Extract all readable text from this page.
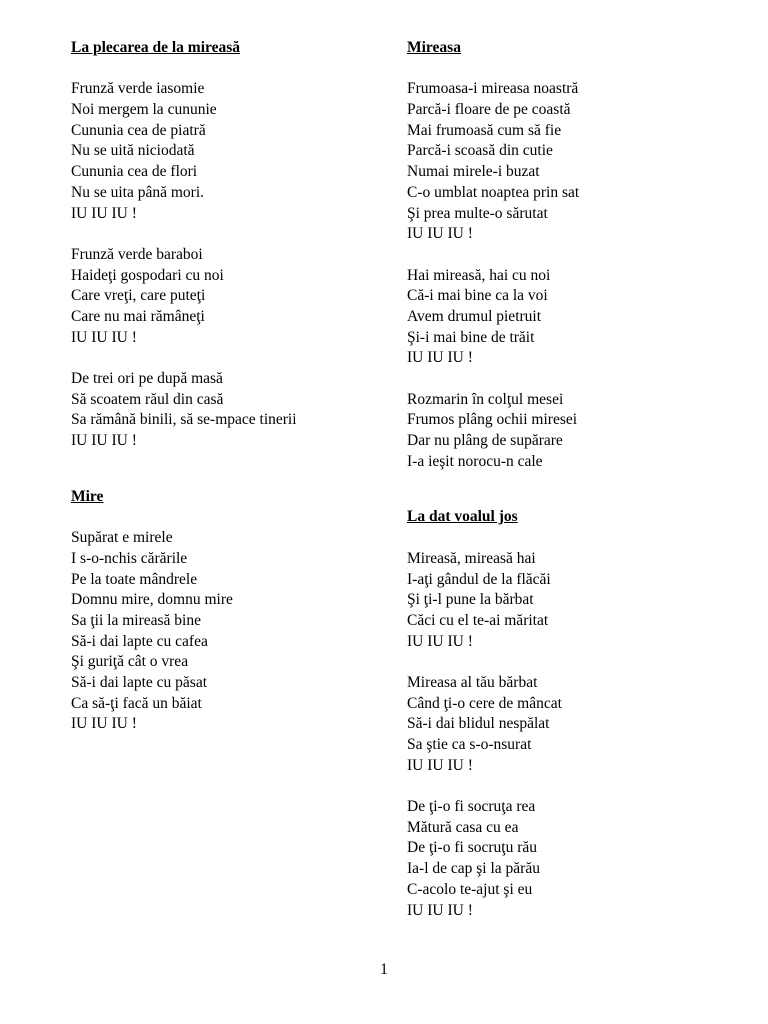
La plecarea de la mireasă
Frunză verde iasomie
Noi mergem la cununie
Cununia cea de piatră
Nu se uită niciodată
Cununia cea de flori
Nu se uita până mori.
IU IU IU !
Frunză verde baraboi
Haideţi gospodari cu noi
Care vreţi, care puteţi
Care nu mai rămâneţi
IU IU IU !
De trei ori pe după masă
Să scoatem răul din casă
Sa rămână binili, să se-mpace tinerii
IU IU IU !
Mire
Supărat e mirele
I s-o-nchis cărările
Pe la toate mândrele
Domnu mire, domnu mire
Sa ţii la mireasă bine
Să-i dai lapte cu cafea
Şi guriţă cât o vrea
Să-i dai lapte cu păsat
Ca să-ţi facă un băiat
IU IU IU !
Mireasa
Frumoasa-i mireasa noastră
Parcă-i floare de pe coastă
Mai frumoasă cum să fie
Parcă-i scoasă din cutie
Numai mirele-i buzat
C-o umblat noaptea prin sat
Şi prea multe-o sărutat
IU IU IU !
Hai mireasă, hai cu noi
Că-i mai bine ca la voi
Avem drumul pietruit
Şi-i mai bine de trăit
IU IU IU !
Rozmarin în colţul mesei
Frumos plâng ochii miresei
Dar nu plâng de supărare
I-a ieşit norocu-n cale
La dat voalul jos
Mireasă, mireasă hai
I-aţi gândul de la flăcăi
Şi ţi-l pune la bărbat
Căci cu el te-ai măritat
IU IU IU !
Mireasa al tău bărbat
Când ţi-o cere de mâncat
Să-i dai blidul nespălat
Sa ştie ca s-o-nsurat
IU IU IU !
De ţi-o fi socruţa rea
Mătură casa cu ea
De ţi-o fi socruţu rău
Ia-l de cap şi la părău
C-acolo te-ajut şi eu
IU IU IU !
1
